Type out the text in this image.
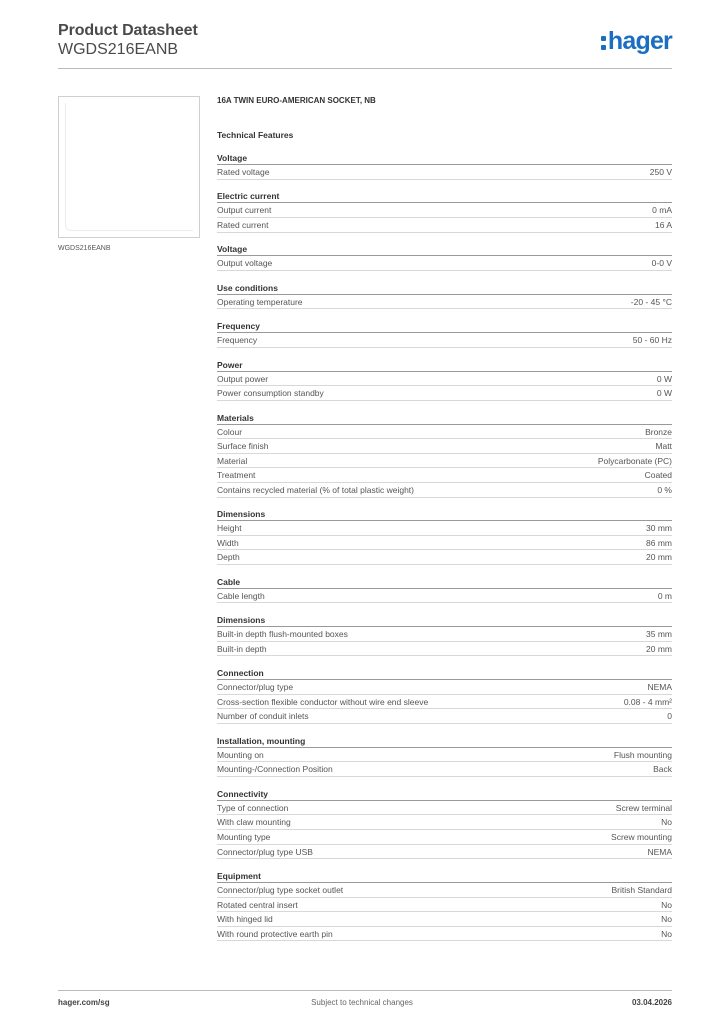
Product Datasheet
WGDS216EANB	hager
WGDS216EANB
16A TWIN EURO-AMERICAN SOCKET, NB
Technical Features
Voltage
Rated voltage	250 V
Electric current
Output current	0 mA
Rated current	16 A
Voltage
Output voltage	0-0 V
Use conditions
Operating temperature	-20 - 45 °C
Frequency
Frequency	50 - 60 Hz
Power
Output power	0 W
Power consumption standby	0 W
Materials
Colour	Bronze
Surface finish	Matt
Material	Polycarbonate (PC)
Treatment	Coated
Contains recycled material (% of total plastic weight)	0 %
Dimensions
Height	30 mm
Width	86 mm
Depth	20 mm
Cable
Cable length	0 m
Dimensions
Built-in depth flush-mounted boxes	35 mm
Built-in depth	20 mm
Connection
Connector/plug type	NEMA
Cross-section flexible conductor without wire end sleeve	0.08 - 4 mm²
Number of conduit inlets	0
Installation, mounting
Mounting on	Flush mounting
Mounting-/Connection Position	Back
Connectivity
Type of connection	Screw terminal
With claw mounting	No
Mounting type	Screw mounting
Connector/plug type USB	NEMA
Equipment
Connector/plug type socket outlet	British Standard
Rotated central insert	No
With hinged lid	No
With round protective earth pin	No
hager.com/sg	Subject to technical changes	03.04.2026
